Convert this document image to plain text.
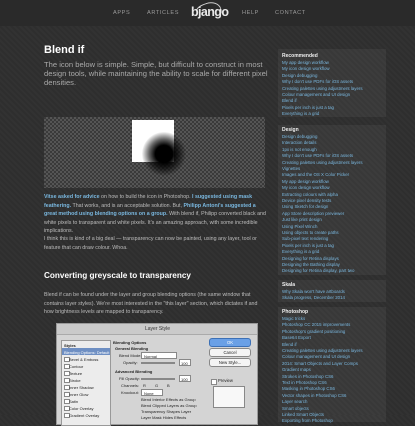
APPS	ARTICLES bjango HELP	CONTACT
Blend if

The icon below is simple. Simple, but difficult to construct in most design tools, while maintaining the ability to scale for different pixel densities.

Vitse asked for advice on how to build the icon in Photoshop. I suggested using mask feathering. That works, and is an acceptable solution. But, Philipp Antoni's suggested a great method using blending options on a group. With blend if, Philipp converted black and white pixels to transparent and white pixels. It's an amazing approach, with some incredible implications.

I think this is kind of a big deal — transparency can now be painted, using any layer, tool or feature that can draw colour. Whoa.

Converting greyscale to transparency

Blend if can be found under the layer and group blending options (the same window that contains layer styles). We're most interested in the "this layer" section, which dictates if and how brightness levels are mapped to transparency.

Layer Style
Styles
Blending Options: Default
Bevel & Emboss
Contour
Texture
Stroke
Inner Shadow
Inner Glow
Satin
Color Overlay
Gradient Overlay
Blending Options
General Blending
Blend Mode: Normal
Opacity:	100
Advanced Blending
Fill Opacity:	100
Channels: R G B
Knockout: None
Blend Interior Effects as Group
Blend Clipped Layers as Group
Transparency Shapes Layer
Layer Mask Hides Effects
OK
Cancel
New Style...
Preview
Recommended
My app design workflow
My icon design workflow
Design debugging
Why I don't use PDFs for iOS assets
Creating palettes using adjustment layers
Colour management and UI design
Blend if
Pixels per inch is just a tag
Everything is a grid
Design
Design debugging
Interaction details
1px is not enough
Why I don't use PDFs for iOS assets
Creating palettes using adjustment layers
Vignettes
Images and the OS X Color Picker
My app design workflow
My icon design workflow
Extracting colours with alpha
Device pixel density tests
Using Sketch for design
App Store description previewer
Just like print design
Using Pixel Winch
Using objects to create paths
Sub-pixel text rendering
Pixels per inch is just a tag
Everything is a grid
Designing for Retina displays
Designing the Bathing display
Designing for Retina display, part two
Skala
Why Skala won't have artboards
Skala progress, December 2014
Photoshop
Magic tricks
Photoshop CC 2015 improvements
Photoshop's gradient positioning
Base64 Export
Blend if
Creating palettes using adjustment layers
Colour management and UI design
2014: Smart Objects and Layer Comps
Gradient maps
Strokes in Photoshop CS6
Text in Photoshop CS6
Masking in Photoshop CS6
Vector shapes in Photoshop CS6
Layer search
Smart objects
Linked Smart Objects
Exporting from Photoshop
